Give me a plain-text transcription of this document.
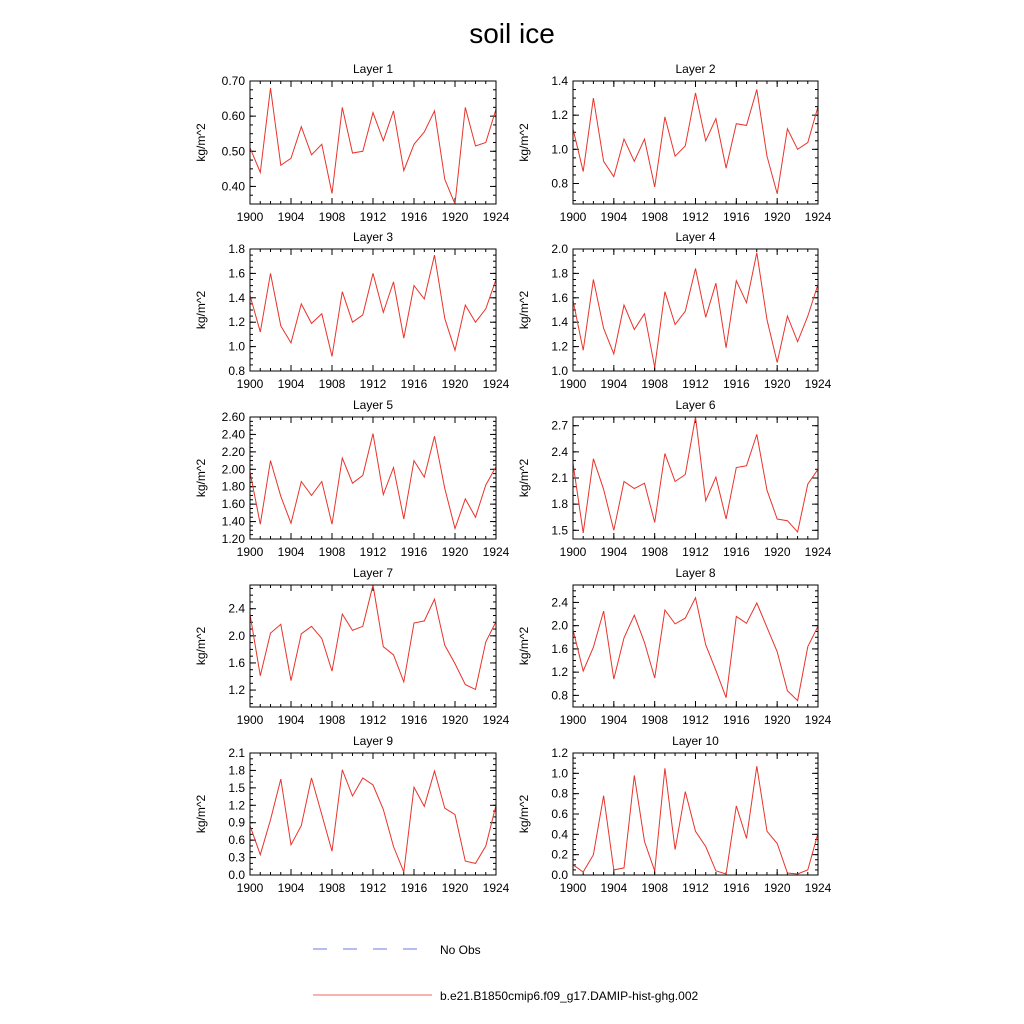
soil ice
Layer 1
kg/m^2
0.40
0.50
0.60
0.70
1900 1904 1908 1912 1916 1920 1924
Layer 2
kg/m^2
0.8
1.0
1.2
1.4
1900 1904 1908 1912 1916 1920 1924
Layer 3
kg/m^2
0.8
1.0
1.2
1.4
1.6
1.8
1900 1904 1908 1912 1916 1920 1924
Layer 4
kg/m^2
1.0
1.2
1.4
1.6
1.8
2.0
1900 1904 1908 1912 1916 1920 1924
Layer 5
kg/m^2
1.20
1.40
1.60
1.80
2.00
2.20
2.40
2.60
1900 1904 1908 1912 1916 1920 1924
Layer 6
kg/m^2
1.5
1.8
2.1
2.4
2.7
1900 1904 1908 1912 1916 1920 1924
Layer 7
kg/m^2
1.2
1.6
2.0
2.4
1900 1904 1908 1912 1916 1920 1924
Layer 8
kg/m^2
0.8
1.2
1.6
2.0
2.4
1900 1904 1908 1912 1916 1920 1924
Layer 9
kg/m^2
0.0
0.3
0.6
0.9
1.2
1.5
1.8
2.1
1900 1904 1908 1912 1916 1920 1924
Layer 10
kg/m^2
0.0
0.2
0.4
0.6
0.8
1.0
1.2
1900 1904 1908 1912 1916 1920 1924
No Obs
b.e21.B1850cmip6.f09_g17.DAMIP-hist-ghg.002
